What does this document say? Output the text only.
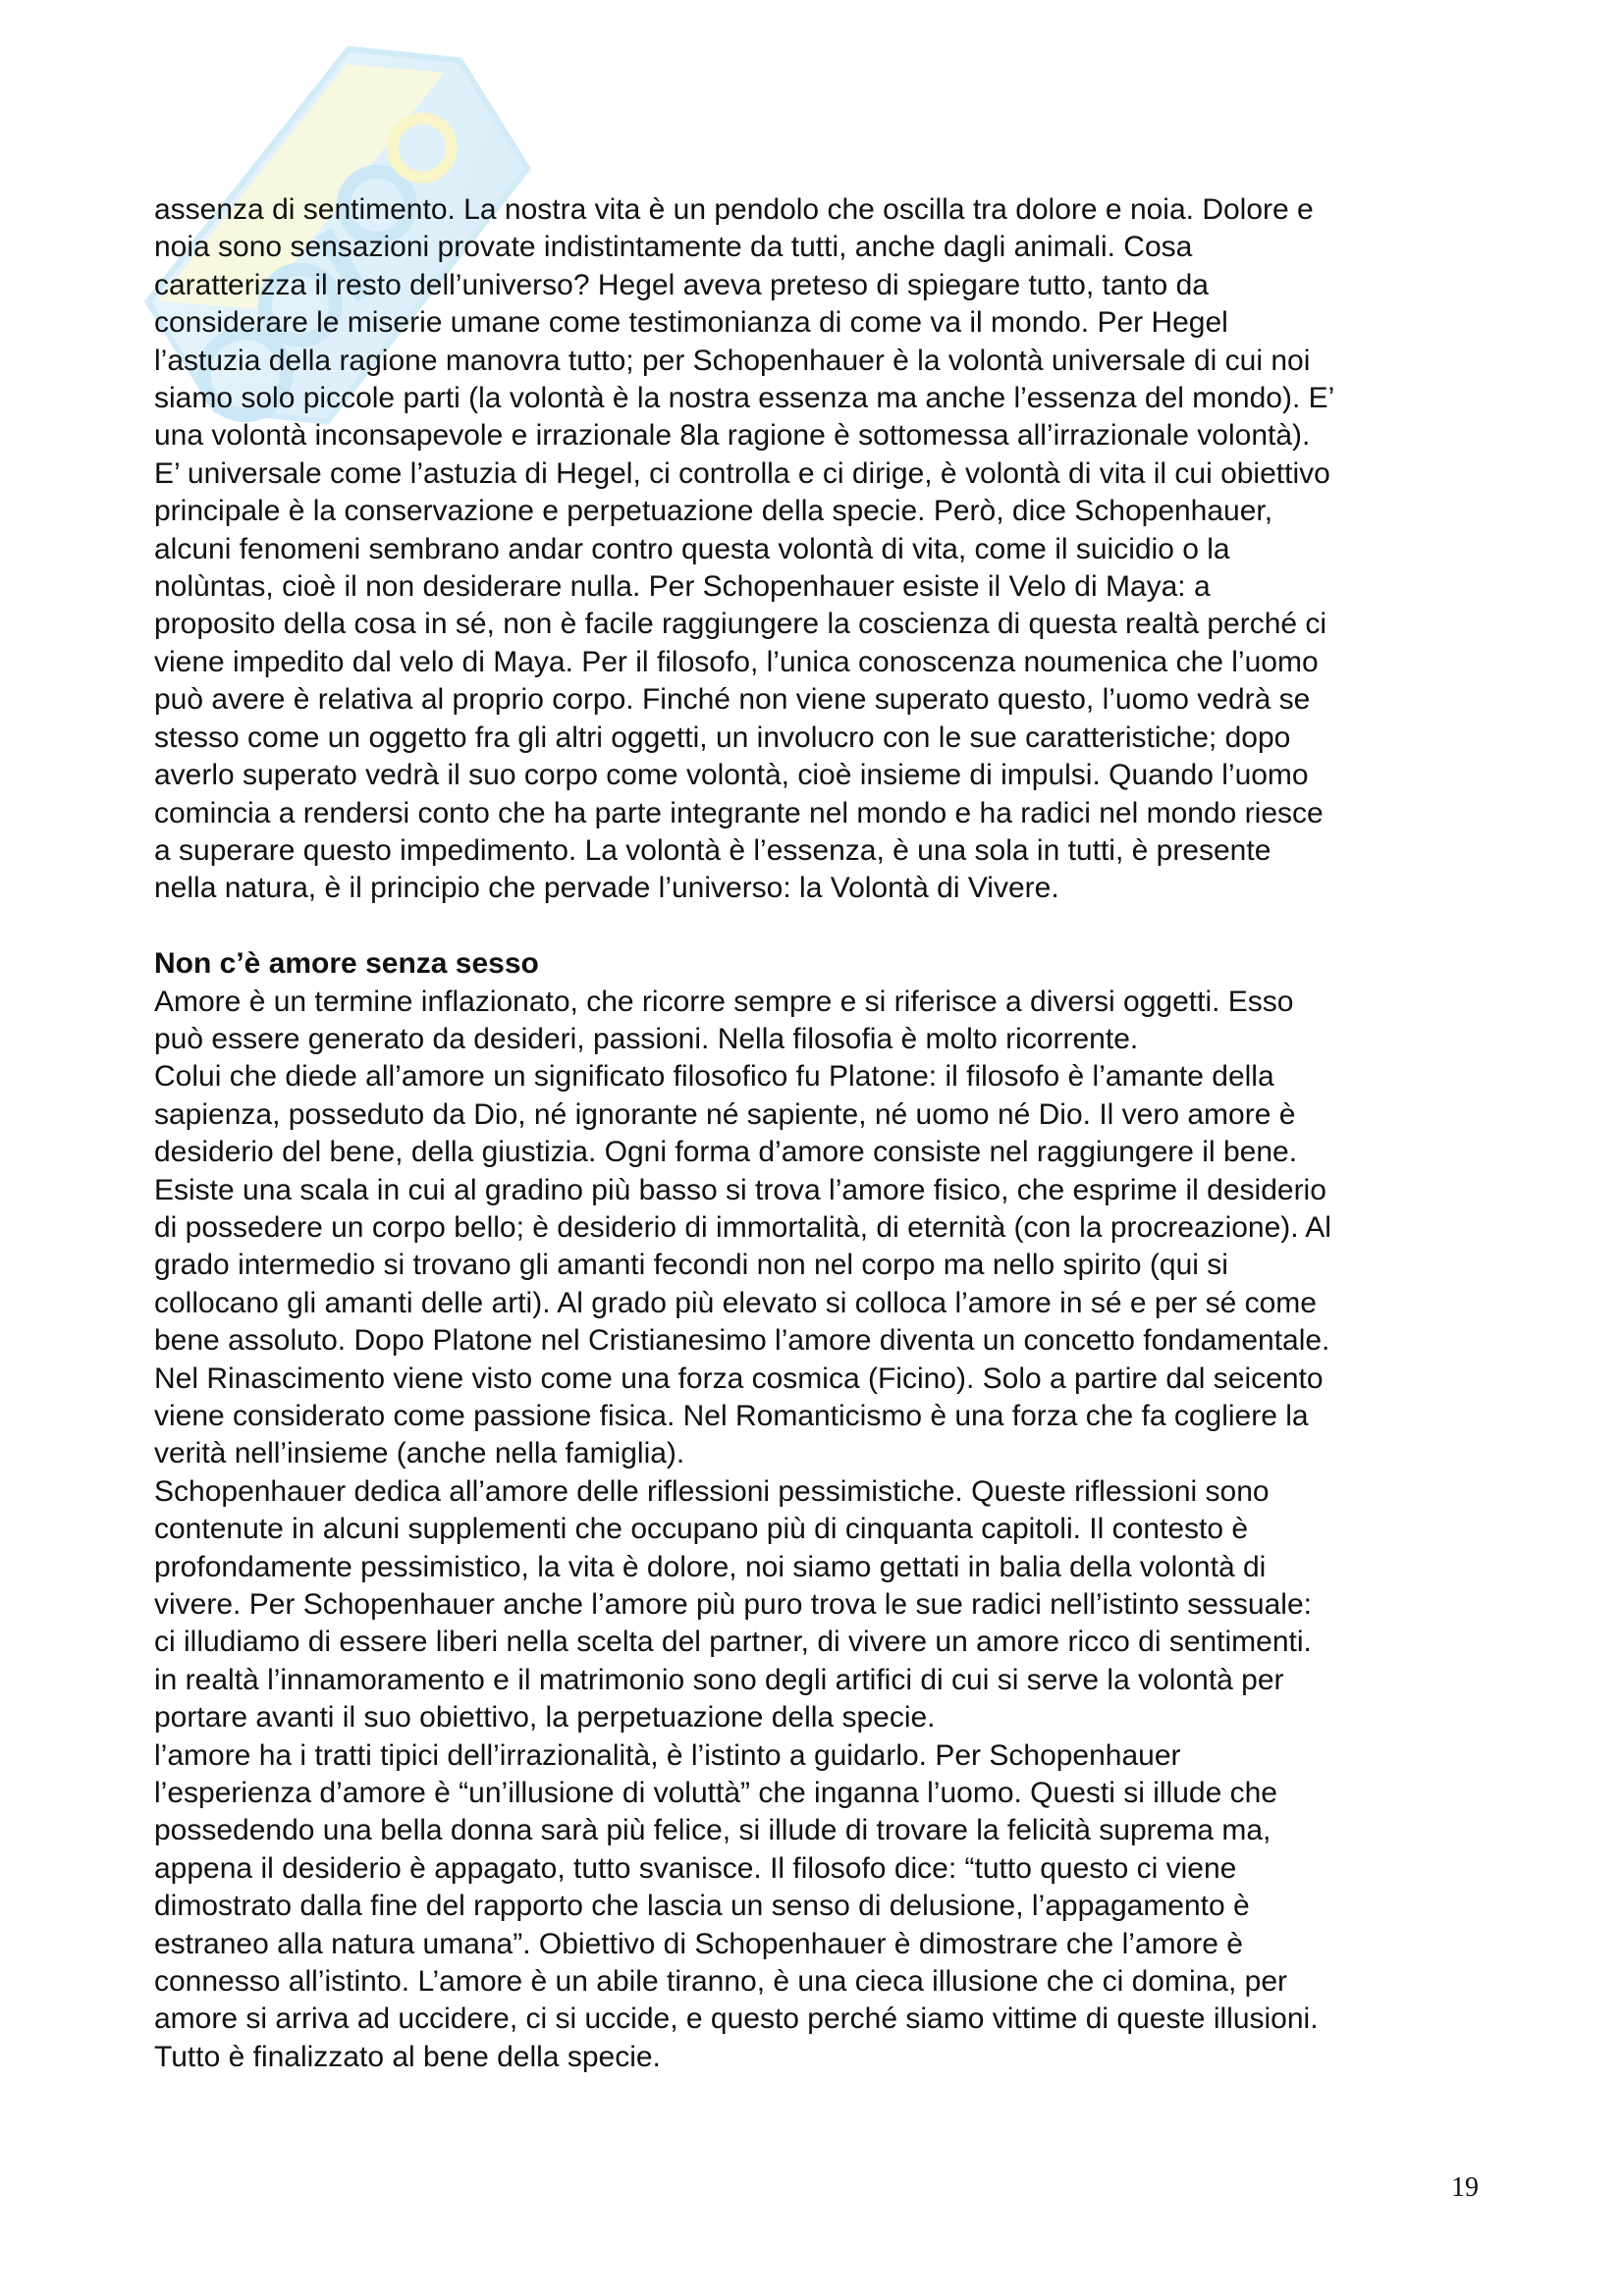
assenza di sentimento. La nostra vita è un pendolo che oscilla tra dolore e noia. Dolore e
noia sono sensazioni provate indistintamente da tutti, anche dagli animali. Cosa
caratterizza il resto dell’universo? Hegel aveva preteso di spiegare tutto, tanto da
considerare le miserie umane come testimonianza di come va il mondo. Per Hegel
l’astuzia della ragione manovra tutto; per Schopenhauer è la volontà universale di cui noi
siamo solo piccole parti (la volontà è la nostra essenza ma anche l’essenza del mondo). E’
una volontà inconsapevole e irrazionale 8la ragione è sottomessa all’irrazionale volontà).
E’ universale come l’astuzia di Hegel, ci controlla e ci dirige, è volontà di vita il cui obiettivo
principale è la conservazione e perpetuazione della specie. Però, dice Schopenhauer,
alcuni fenomeni sembrano andar contro questa volontà di vita, come il suicidio o la
nolùntas, cioè il non desiderare nulla. Per Schopenhauer esiste il Velo di Maya: a
proposito della cosa in sé, non è facile raggiungere la coscienza di questa realtà perché ci
viene impedito dal velo di Maya. Per il filosofo, l’unica conoscenza noumenica che l’uomo
può avere è relativa al proprio corpo. Finché non viene superato questo, l’uomo vedrà se
stesso come un oggetto fra gli altri oggetti, un involucro con le sue caratteristiche; dopo
averlo superato vedrà il suo corpo come volontà, cioè insieme di impulsi. Quando l’uomo
comincia a rendersi conto che ha parte integrante nel mondo e ha radici nel mondo riesce
a superare questo impedimento. La volontà è l’essenza, è una sola in tutti, è presente
nella natura, è il principio che pervade l’universo: la Volontà di Vivere.
Non c’è amore senza sesso
Amore è un termine inflazionato, che ricorre sempre e si riferisce a diversi oggetti. Esso
può essere generato da desideri, passioni. Nella filosofia è molto ricorrente.
Colui che diede all’amore un significato filosofico fu Platone: il filosofo è l’amante della
sapienza, posseduto da Dio, né ignorante né sapiente, né uomo né Dio. Il vero amore è
desiderio del bene, della giustizia. Ogni forma d’amore consiste nel raggiungere il bene.
Esiste una scala in cui al gradino più basso si trova l’amore fisico, che esprime il desiderio
di possedere un corpo bello; è desiderio di immortalità, di eternità (con la procreazione). Al
grado intermedio si trovano gli amanti fecondi non nel corpo ma nello spirito (qui si
collocano gli amanti delle arti). Al grado più elevato si colloca l’amore in sé e per sé come
bene assoluto. Dopo Platone nel Cristianesimo l’amore diventa un concetto fondamentale.
Nel Rinascimento viene visto come una forza cosmica (Ficino). Solo a partire dal seicento
viene considerato come passione fisica. Nel Romanticismo è una forza che fa cogliere la
verità nell’insieme (anche nella famiglia).
Schopenhauer dedica all’amore delle riflessioni pessimistiche. Queste riflessioni sono
contenute in alcuni supplementi che occupano più di cinquanta capitoli. Il contesto è
profondamente pessimistico, la vita è dolore, noi siamo gettati in balia della volontà di
vivere. Per Schopenhauer anche l’amore più puro trova le sue radici nell’istinto sessuale:
ci illudiamo di essere liberi nella scelta del partner, di vivere un amore ricco di sentimenti.
in realtà l’innamoramento e il matrimonio sono degli artifici di cui si serve la volontà per
portare avanti il suo obiettivo, la perpetuazione della specie.
l’amore ha i tratti tipici dell’irrazionalità, è l’istinto a guidarlo. Per Schopenhauer
l’esperienza d’amore è “un’illusione di voluttà” che inganna l’uomo. Questi si illude che
possedendo una bella donna sarà più felice, si illude di trovare la felicità suprema ma,
appena il desiderio è appagato, tutto svanisce. Il filosofo dice: “tutto questo ci viene
dimostrato dalla fine del rapporto che lascia un senso di delusione, l’appagamento è
estraneo alla natura umana”. Obiettivo di Schopenhauer è dimostrare che l’amore è
connesso all’istinto. L’amore è un abile tiranno, è una cieca illusione che ci domina, per
amore si arriva ad uccidere, ci si uccide, e questo perché siamo vittime di queste illusioni.
Tutto è finalizzato al bene della specie.
19
